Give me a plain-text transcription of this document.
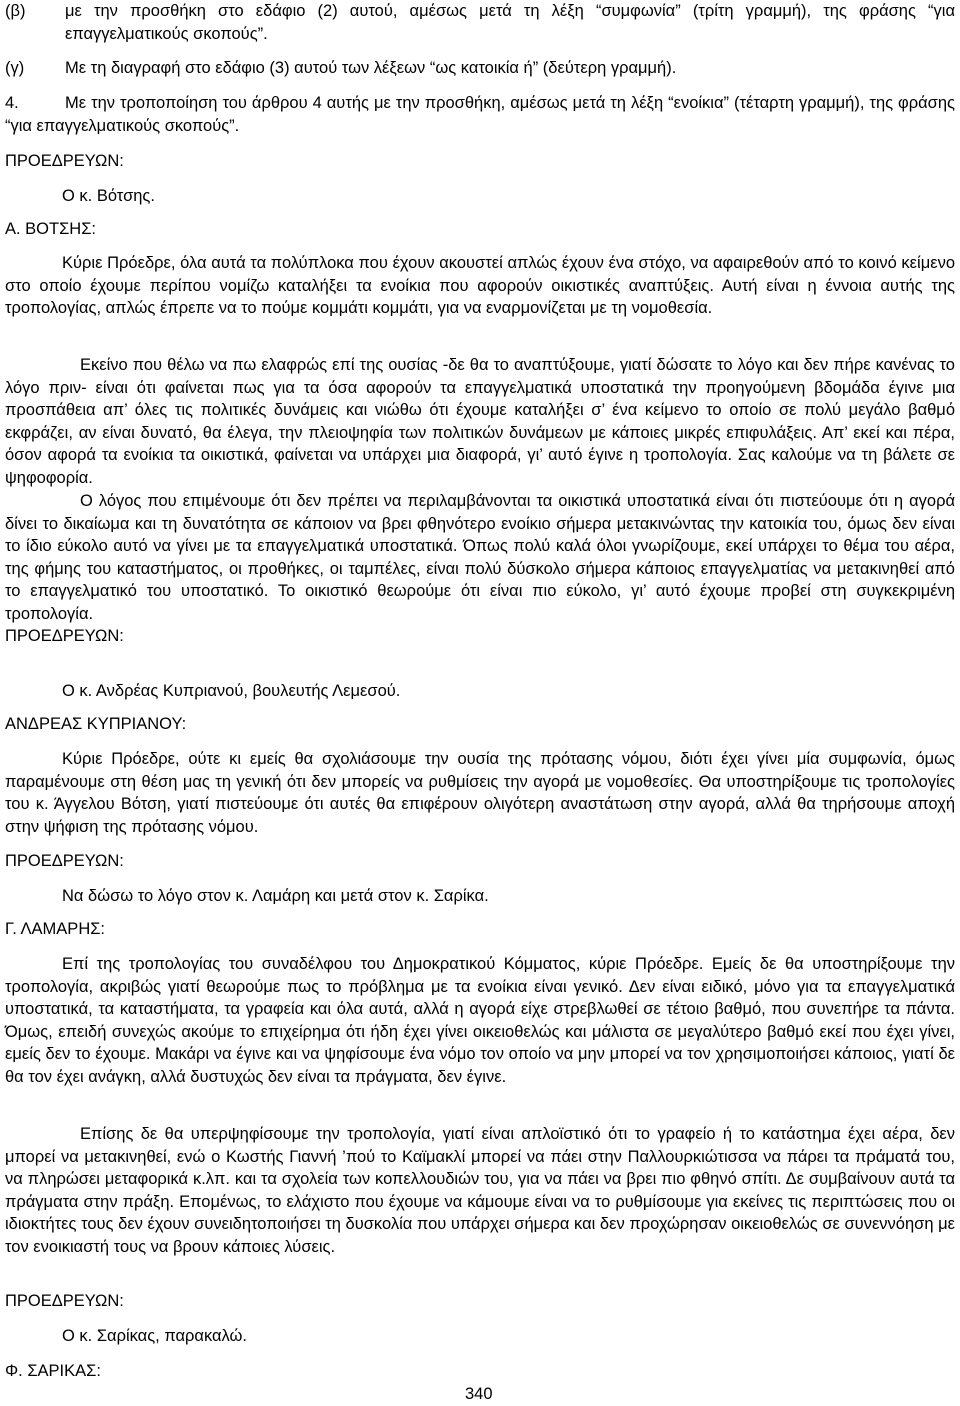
(β) με την προσθήκη στο εδάφιο (2) αυτού, αμέσως μετά τη λέξη “συμφωνία” (τρίτη γραμμή), της φράσης “για επαγγελματικούς σκοπούς”.
(γ) Με τη διαγραφή στο εδάφιο (3) αυτού των λέξεων “ως κατοικία ή” (δεύτερη γραμμή).
4.	Με την τροποποίηση του άρθρου 4 αυτής με την προσθήκη, αμέσως μετά τη λέξη “ενοίκια” (τέταρτη γραμμή), της φράσης “για επαγγελματικούς σκοπούς”.
ΠΡΟΕΔΡΕΥΩΝ:
Ο κ. Βότσης.
Α. ΒΟΤΣΗΣ:
Κύριε Πρόεδρε, όλα αυτά τα πολύπλοκα που έχουν ακουστεί απλώς έχουν ένα στόχο, να αφαιρεθούν από το κοινό κείμενο στο οποίο έχουμε περίπου νομίζω καταλήξει τα ενοίκια που αφορούν οικιστικές αναπτύξεις. Αυτή είναι η έννοια αυτής της τροπολογίας, απλώς έπρεπε να το πούμε κομμάτι κομμάτι, για να εναρμονίζεται με τη νομοθεσία.
Εκείνο που θέλω να πω ελαφρώς επί της ουσίας -δε θα το αναπτύξουμε, γιατί δώσατε το λόγο και δεν πήρε κανένας το λόγο πριν- είναι ότι φαίνεται πως για τα όσα αφορούν τα επαγγελματικά υποστατικά την προηγούμενη βδομάδα έγινε μια προσπάθεια απ’ όλες τις πολιτικές δυνάμεις και νιώθω ότι έχουμε καταλήξει σ’ ένα κείμενο το οποίο σε πολύ μεγάλο βαθμό εκφράζει, αν είναι δυνατό, θα έλεγα, την πλειοψηφία των πολιτικών δυνάμεων με κάποιες μικρές επιφυλάξεις. Απ’ εκεί και πέρα, όσον αφορά τα ενοίκια τα οικιστικά, φαίνεται να υπάρχει μια διαφορά, γι’ αυτό έγινε η τροπολογία. Σας καλούμε να τη βάλετε σε ψηφοφορία.
Ο λόγος που επιμένουμε ότι δεν πρέπει να περιλαμβάνονται τα οικιστικά υποστατικά είναι ότι πιστεύουμε ότι η αγορά δίνει το δικαίωμα και τη δυνατότητα σε κάποιον να βρει φθηνότερο ενοίκιο σήμερα μετακινώντας την κατοικία του, όμως δεν είναι το ίδιο εύκολο αυτό να γίνει με τα επαγγελματικά υποστατικά. Όπως πολύ καλά όλοι γνωρίζουμε, εκεί υπάρχει το θέμα του αέρα, της φήμης του καταστήματος, οι προθήκες, οι ταμπέλες, είναι πολύ δύσκολο σήμερα κάποιος επαγγελματίας να μετακινηθεί από το επαγγελματικό του υποστατικό. Το οικιστικό θεωρούμε ότι είναι πιο εύκολο, γι’ αυτό έχουμε προβεί στη συγκεκριμένη τροπολογία.
ΠΡΟΕΔΡΕΥΩΝ:
Ο κ. Ανδρέας Κυπριανού, βουλευτής Λεμεσού.
ΑΝΔΡΕΑΣ ΚΥΠΡΙΑΝΟΥ:
Κύριε Πρόεδρε, ούτε κι εμείς θα σχολιάσουμε την ουσία της πρότασης νόμου, διότι έχει γίνει μία συμφωνία, όμως παραμένουμε στη θέση μας τη γενική ότι δεν μπορείς να ρυθμίσεις την αγορά με νομοθεσίες. Θα υποστηρίξουμε τις τροπολογίες του κ. Άγγελου Βότση, γιατί πιστεύουμε ότι αυτές θα επιφέρουν ολιγότερη αναστάτωση στην αγορά, αλλά θα τηρήσουμε αποχή στην ψήφιση της πρότασης νόμου.
ΠΡΟΕΔΡΕΥΩΝ:
Να δώσω το λόγο στον κ. Λαμάρη και μετά στον κ. Σαρίκα.
Γ. ΛΑΜΑΡΗΣ:
Επί της τροπολογίας του συναδέλφου του Δημοκρατικού Κόμματος, κύριε Πρόεδρε. Εμείς δε θα υποστηρίξουμε την τροπολογία, ακριβώς γιατί θεωρούμε πως το πρόβλημα με τα ενοίκια είναι γενικό. Δεν είναι ειδικό, μόνο για τα επαγγελματικά υποστατικά, τα καταστήματα, τα γραφεία και όλα αυτά, αλλά η αγορά είχε στρεβλωθεί σε τέτοιο βαθμό, που συνεπήρε τα πάντα. Όμως, επειδή συνεχώς ακούμε το επιχείρημα ότι ήδη έχει γίνει οικειοθελώς και μάλιστα σε μεγαλύτερο βαθμό εκεί που έχει γίνει, εμείς δεν το έχουμε. Μακάρι να έγινε και να ψηφίσουμε ένα νόμο τον οποίο να μην μπορεί να τον χρησιμοποιήσει κάποιος, γιατί δε θα τον έχει ανάγκη, αλλά δυστυχώς δεν είναι τα πράγματα, δεν έγινε.
Επίσης δε θα υπερψηφίσουμε την τροπολογία, γιατί είναι απλοϊστικό ότι το γραφείο ή το κατάστημα έχει αέρα, δεν μπορεί να μετακινηθεί, ενώ ο Κωστής Γιαννή ’πού το Καϊμακλί μπορεί να πάει στην Παλλουρκιώτισσα να πάρει τα πράματά του, να πληρώσει μεταφορικά κ.λπ. και τα σχολεία των κοπελλουδιών του, για να πάει να βρει πιο φθηνό σπίτι. Δε συμβαίνουν αυτά τα πράγματα στην πράξη. Επομένως, το ελάχιστο που έχουμε να κάμουμε είναι να το ρυθμίσουμε για εκείνες τις περιπτώσεις που οι ιδιοκτήτες τους δεν έχουν συνειδητοποιήσει τη δυσκολία που υπάρχει σήμερα και δεν προχώρησαν οικειοθελώς σε συνεννόηση με τον ενοικιαστή τους να βρουν κάποιες λύσεις.
ΠΡΟΕΔΡΕΥΩΝ:
Ο κ. Σαρίκας, παρακαλώ.
Φ. ΣΑΡΙΚΑΣ:
340
